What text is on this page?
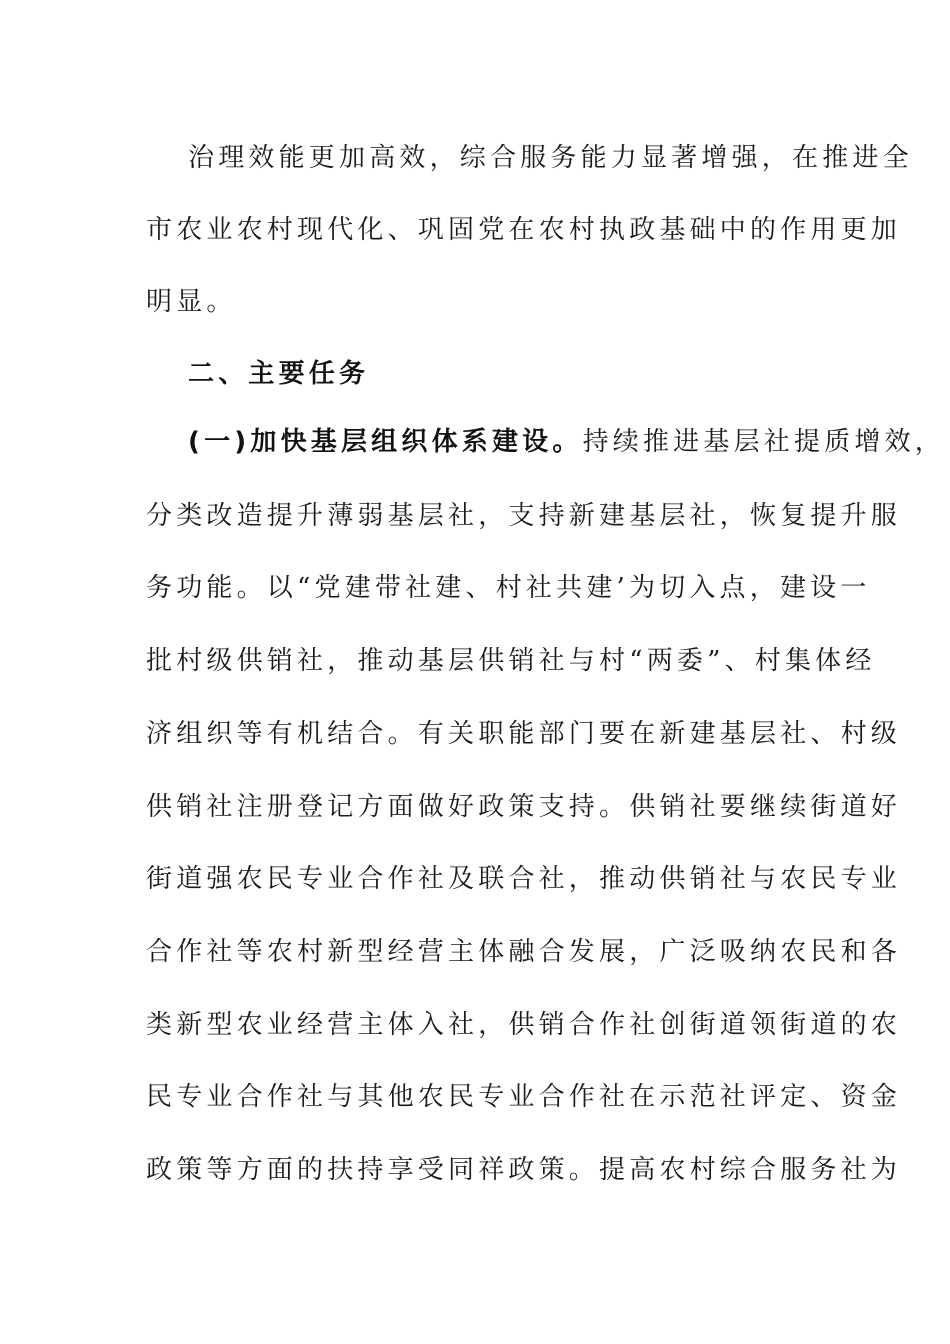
治理效能更加高效，综合服务能力显著增强，在推进全
市农业农村现代化、巩固党在农村执政基础中的作用更加
明显。
二、主要任务
(一)加快基层组织体系建设。持续推进基层社提质增效，
分类改造提升薄弱基层社，支持新建基层社，恢复提升服
务功能。以“党建带社建、村社共建’为切入点，建设一
批村级供销社，推动基层供销社与村“两委”、村集体经
济组织等有机结合。有关职能部门要在新建基层社、村级
供销社注册登记方面做好政策支持。供销社要继续街道好
街道强农民专业合作社及联合社，推动供销社与农民专业
合作社等农村新型经营主体融合发展，广泛吸纳农民和各
类新型农业经营主体入社，供销合作社创街道领街道的农
民专业合作社与其他农民专业合作社在示范社评定、资金
政策等方面的扶持享受同祥政策。提高农村综合服务社为
